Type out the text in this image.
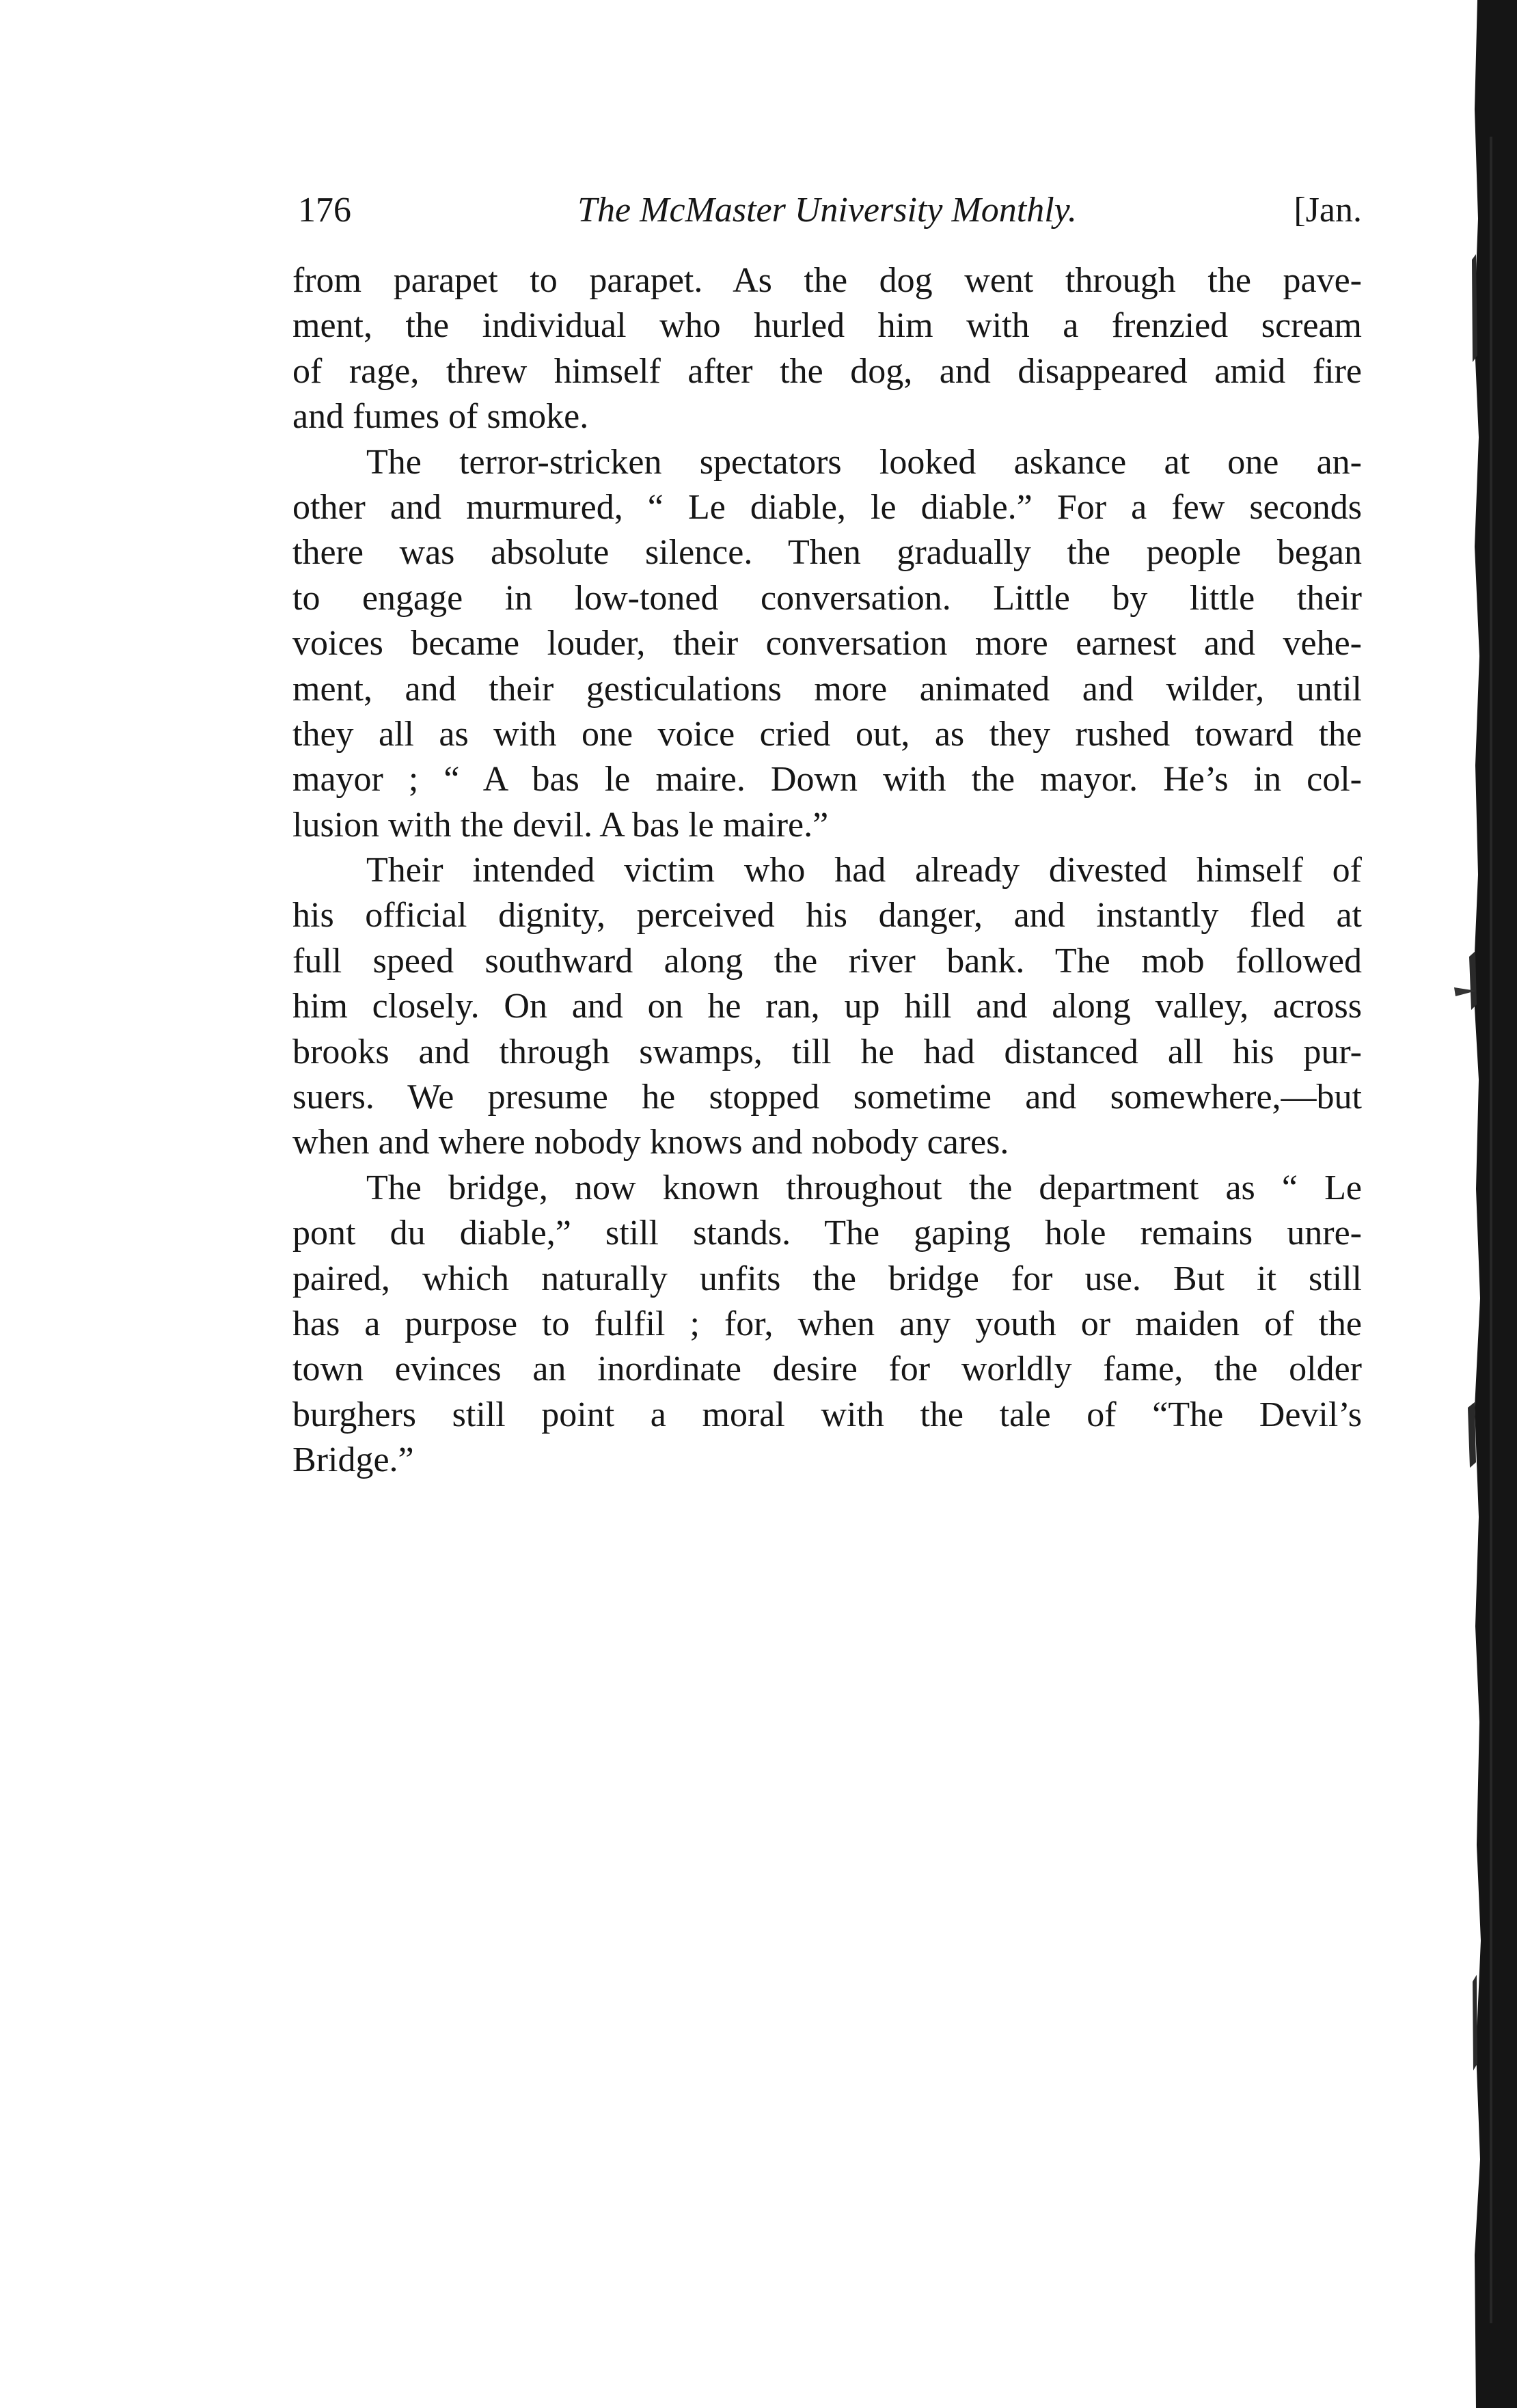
176	The McMaster University Monthly.	[Jan.
from parapet to parapet. As the dog went through the pave-
ment, the individual who hurled him with a frenzied scream
of rage, threw himself after the dog, and disappeared amid fire
and fumes of smoke.
The terror-stricken spectators looked askance at one an-
other and murmured, “ Le diable, le diable.” For a few seconds
there was absolute silence. Then gradually the people began
to engage in low-toned conversation. Little by little their
voices became louder, their conversation more earnest and vehe-
ment, and their gesticulations more animated and wilder, until
they all as with one voice cried out, as they rushed toward the
mayor ; “ A bas le maire. Down with the mayor. He’s in col-
lusion with the devil. A bas le maire.”
Their intended victim who had already divested himself of
his official dignity, perceived his danger, and instantly fled at
full speed southward along the river bank. The mob followed
him closely. On and on he ran, up hill and along valley, across
brooks and through swamps, till he had distanced all his pur-
suers. We presume he stopped sometime and somewhere,—but
when and where nobody knows and nobody cares.
The bridge, now known throughout the department as “ Le
pont du diable,” still stands. The gaping hole remains unre-
paired, which naturally unfits the bridge for use. But it still
has a purpose to fulfil ; for, when any youth or maiden of the
town evinces an inordinate desire for worldly fame, the older
burghers still point a moral with the tale of “The Devil’s
Bridge.”
